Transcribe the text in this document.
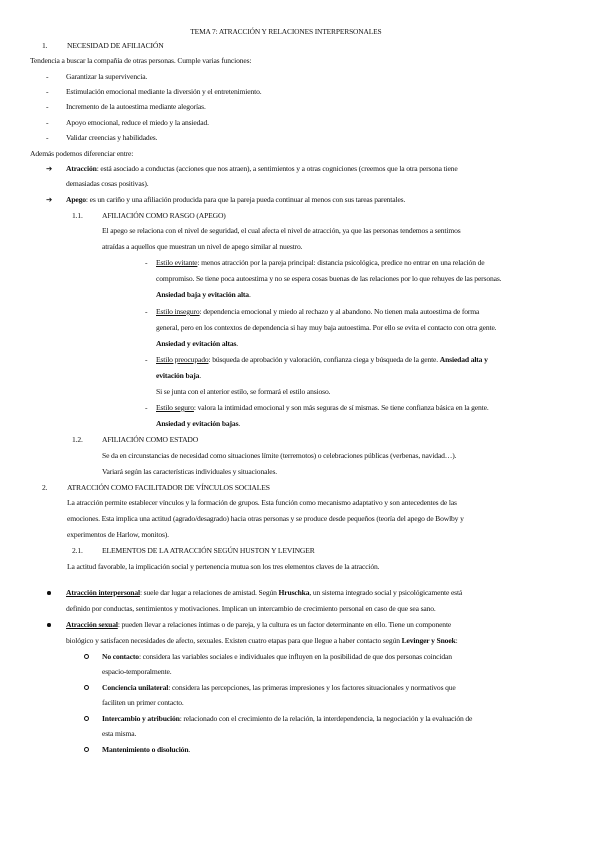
TEMA 7: ATRACCIÓN Y RELACIONES INTERPERSONALES
1.	NECESIDAD DE AFILIACIÓN
Tendencia a buscar la compañía de otras personas. Cumple varias funciones:
- Garantizar la supervivencia.
- Estimulación emocional mediante la diversión y el entretenimiento.
- Incremento de la autoestima mediante alegorías.
- Apoyo emocional, reduce el miedo y la ansiedad.
- Validar creencias y habilidades.
Además podemos diferenciar entre:
➔ Atracción: está asociado a conductas (acciones que nos atraen), a sentimientos y a otras cogniciones (creemos que la otra persona tiene
demasiadas cosas positivas).
➔ Apego: es un cariño y una afiliación producida para que la pareja pueda continuar al menos con sus tareas parentales.
1.1.	AFILIACIÓN COMO RASGO (APEGO)
El apego se relaciona con el nivel de seguridad, el cual afecta el nivel de atracción, ya que las personas tendemos a sentimos
atraídas a aquellos que muestran un nivel de apego similar al nuestro.
- Estilo evitante: menos atracción por la pareja principal: distancia psicológica, predice no entrar en una relación de
compromiso. Se tiene poca autoestima y no se espera cosas buenas de las relaciones por lo que rehuyes de las personas.
Ansiedad baja y evitación alta.
- Estilo inseguro: dependencia emocional y miedo al rechazo y al abandono. No tienen mala autoestima de forma
general, pero en los contextos de dependencia si hay muy baja autoestima. Por ello se evita el contacto con otra gente.
Ansiedad y evitación altas.
- Estilo preocupado: búsqueda de aprobación y valoración, confianza ciega y búsqueda de la gente. Ansiedad alta y
evitación baja.
Si se junta con el anterior estilo, se formará el estilo ansioso.
- Estilo seguro: valora la intimidad emocional y son más seguras de sí mismas. Se tiene confianza básica en la gente.
Ansiedad y evitación bajas.
1.2.	AFILIACIÓN COMO ESTADO
Se da en circunstancias de necesidad como situaciones límite (terremotos) o celebraciones públicas (verbenas, navidad…).
Variará según las características individuales y situacionales.
2.	ATRACCIÓN COMO FACILITADOR DE VÍNCULOS SOCIALES
La atracción permite establecer vínculos y la formación de grupos. Esta función como mecanismo adaptativo y son antecedentes de las
emociones. Esta implica una actitud (agrado/desagrado) hacia otras personas y se produce desde pequeños (teoría del apego de Bowlby y
experimentos de Harlow, monitos).
2.1.	ELEMENTOS DE LA ATRACCIÓN SEGÚN HUSTON Y LEVINGER
La actitud favorable, la implicación social y pertenencia mutua son los tres elementos claves de la atracción.
Atracción interpersonal: suele dar lugar a relaciones de amistad. Según Hruschka, un sistema integrado social y psicológicamente está
definido por conductas, sentimientos y motivaciones. Implican un intercambio de crecimiento personal en caso de que sea sano.
Atracción sexual: pueden llevar a relaciones íntimas o de pareja, y la cultura es un factor determinante en ello. Tiene un componente
biológico y satisfacen necesidades de afecto, sexuales. Existen cuatro etapas para que llegue a haber contacto según Levinger y Snoek:
No contacto: considera las variables sociales e individuales que influyen en la posibilidad de que dos personas coincidan
espacio-temporalmente.
Conciencia unilateral: considera las percepciones, las primeras impresiones y los factores situacionales y normativos que
faciliten un primer contacto.
Intercambio y atribución: relacionado con el crecimiento de la relación, la interdependencia, la negociación y la evaluación de
esta misma.
Mantenimiento o disolución.
